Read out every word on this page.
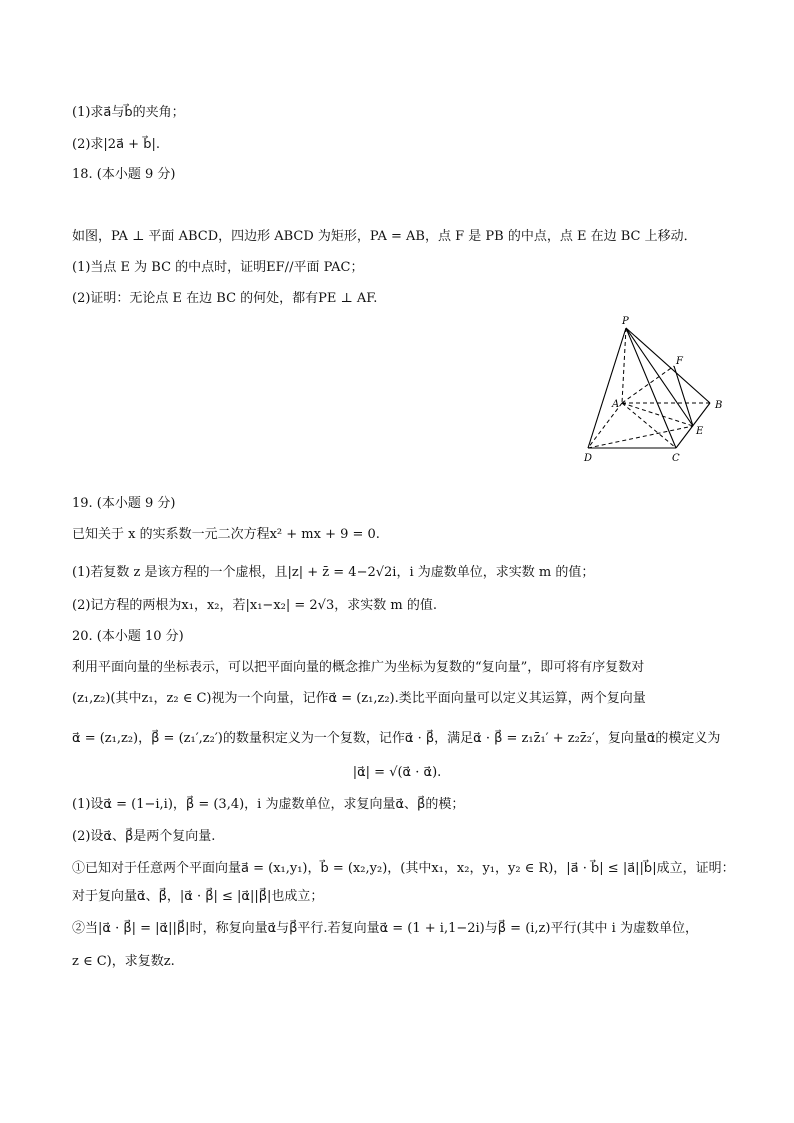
(1)求a⃗与b⃗的夹角；
(2)求|2a⃗ + b⃗|.
18. (本小题 9 分)
如图，PA ⊥ 平面 ABCD，四边形 ABCD 为矩形，PA = AB，点 F 是 PB 的中点，点 E 在边 BC 上移动．
(1)当点 E 为 BC 的中点时，证明EF//平面 PAC；
(2)证明：无论点 E 在边 BC 的何处，都有PE ⊥ AF.
P
F
A	B
E
D	C
19. (本小题 9 分)
已知关于 x 的实系数一元二次方程x² + mx + 9 = 0.
(1)若复数 z 是该方程的一个虚根，且|z| + z̄ = 4−2√2i，i 为虚数单位，求实数 m 的值；
(2)记方程的两根为x₁，x₂，若|x₁−x₂| = 2√3，求实数 m 的值.
20. (本小题 10 分)
利用平面向量的坐标表示，可以把平面向量的概念推广为坐标为复数的“复向量”，即可将有序复数对
(z₁,z₂)(其中z₁，z₂ ∈ C)视为一个向量，记作α⃗ = (z₁,z₂).类比平面向量可以定义其运算，两个复向量
α⃗ = (z₁,z₂)，β⃗ = (z₁′,z₂′)的数量积定义为一个复数，记作α⃗ · β⃗，满足α⃗ · β⃗ = z₁z̄₁′ + z₂z̄₂′，复向量α⃗的模定义为
|α⃗| = √(α⃗ · α⃗).
(1)设α⃗ = (1−i,i)，β⃗ = (3,4)，i 为虚数单位，求复向量α⃗、β⃗的模；
(2)设α⃗、β⃗是两个复向量.
①已知对于任意两个平面向量a⃗ = (x₁,y₁)，b⃗ = (x₂,y₂)，(其中x₁，x₂，y₁，y₂ ∈ R)，|a⃗ · b⃗| ≤ |a⃗||b⃗|成立，证明：
对于复向量α⃗、β⃗，|α⃗ · β⃗| ≤ |α⃗||β⃗|也成立；
②当|α⃗ · β⃗| = |α⃗||β⃗|时，称复向量α⃗与β⃗平行.若复向量α⃗ = (1 + i,1−2i)与β⃗ = (i,z)平行(其中 i 为虚数单位，
z ∈ C)，求复数z.
